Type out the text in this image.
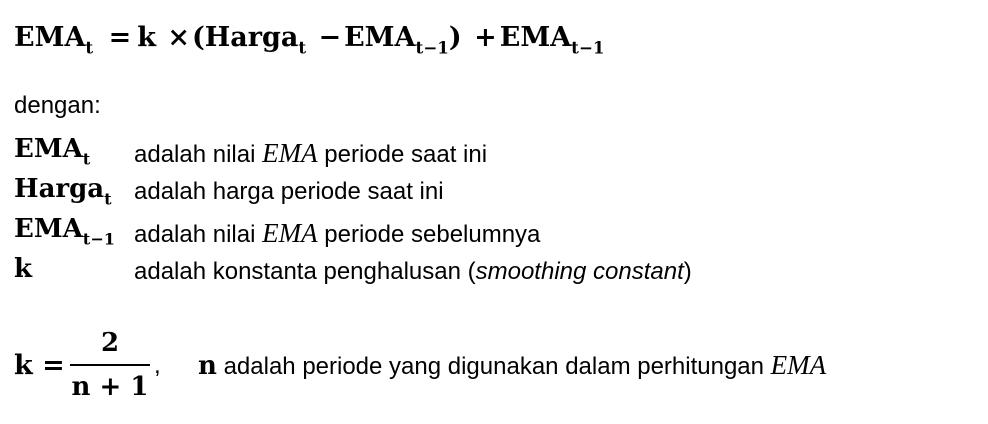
$EMA_t = k$ ×(Harga$_t$ − $EMA_{t-1}) + EMA_{t-1}$
dengan:
$EMA_t$ adalah nilai EMA periode saat ini
Harga$_t$ adalah harga periode saat ini
$EMA_{t-1}$ adalah nilai EMA periode sebelumnya
k	adalah konstanta penghalusan (smoothing constant)
k =
2
n + 1
, n adalah periode yang digunakan dalam perhitungan EMA
